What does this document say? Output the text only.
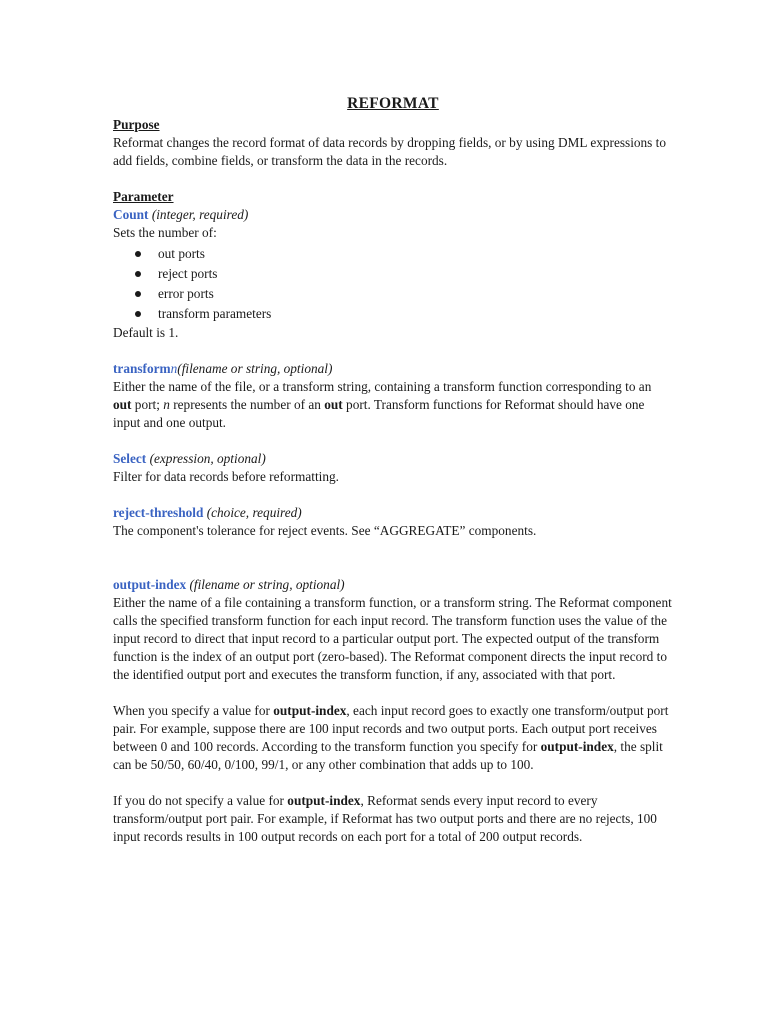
REFORMAT
Purpose

Reformat changes the record format of data records by dropping fields, or by using DML expressions to add fields, combine fields, or transform the data in the records.

Parameter

Count (integer, required)

Sets the number of:

out ports
reject ports
error ports
transform parameters

Default is 1.

transformn(filename or string, optional)

Either the name of the file, or a transform string, containing a transform function corresponding to an out port; n represents the number of an out port. Transform functions for Reformat should have one input and one output.

Select (expression, optional)

Filter for data records before reformatting.

reject-threshold (choice, required)

The component's tolerance for reject events. See “AGGREGATE” components.

output-index (filename or string, optional)

Either the name of a file containing a transform function, or a transform string. The Reformat component calls the specified transform function for each input record. The transform function uses the value of the input record to direct that input record to a particular output port. The expected output of the transform function is the index of an output port (zero-based). The Reformat component directs the input record to the identified output port and executes the transform function, if any, associated with that port.

When you specify a value for output-index, each input record goes to exactly one transform/output port pair. For example, suppose there are 100 input records and two output ports. Each output port receives between 0 and 100 records. According to the transform function you specify for output-index, the split can be 50/50, 60/40, 0/100, 99/1, or any other combination that adds up to 100.

If you do not specify a value for output-index, Reformat sends every input record to every transform/output port pair. For example, if Reformat has two output ports and there are no rejects, 100 input records results in 100 output records on each port for a total of 200 output records.
